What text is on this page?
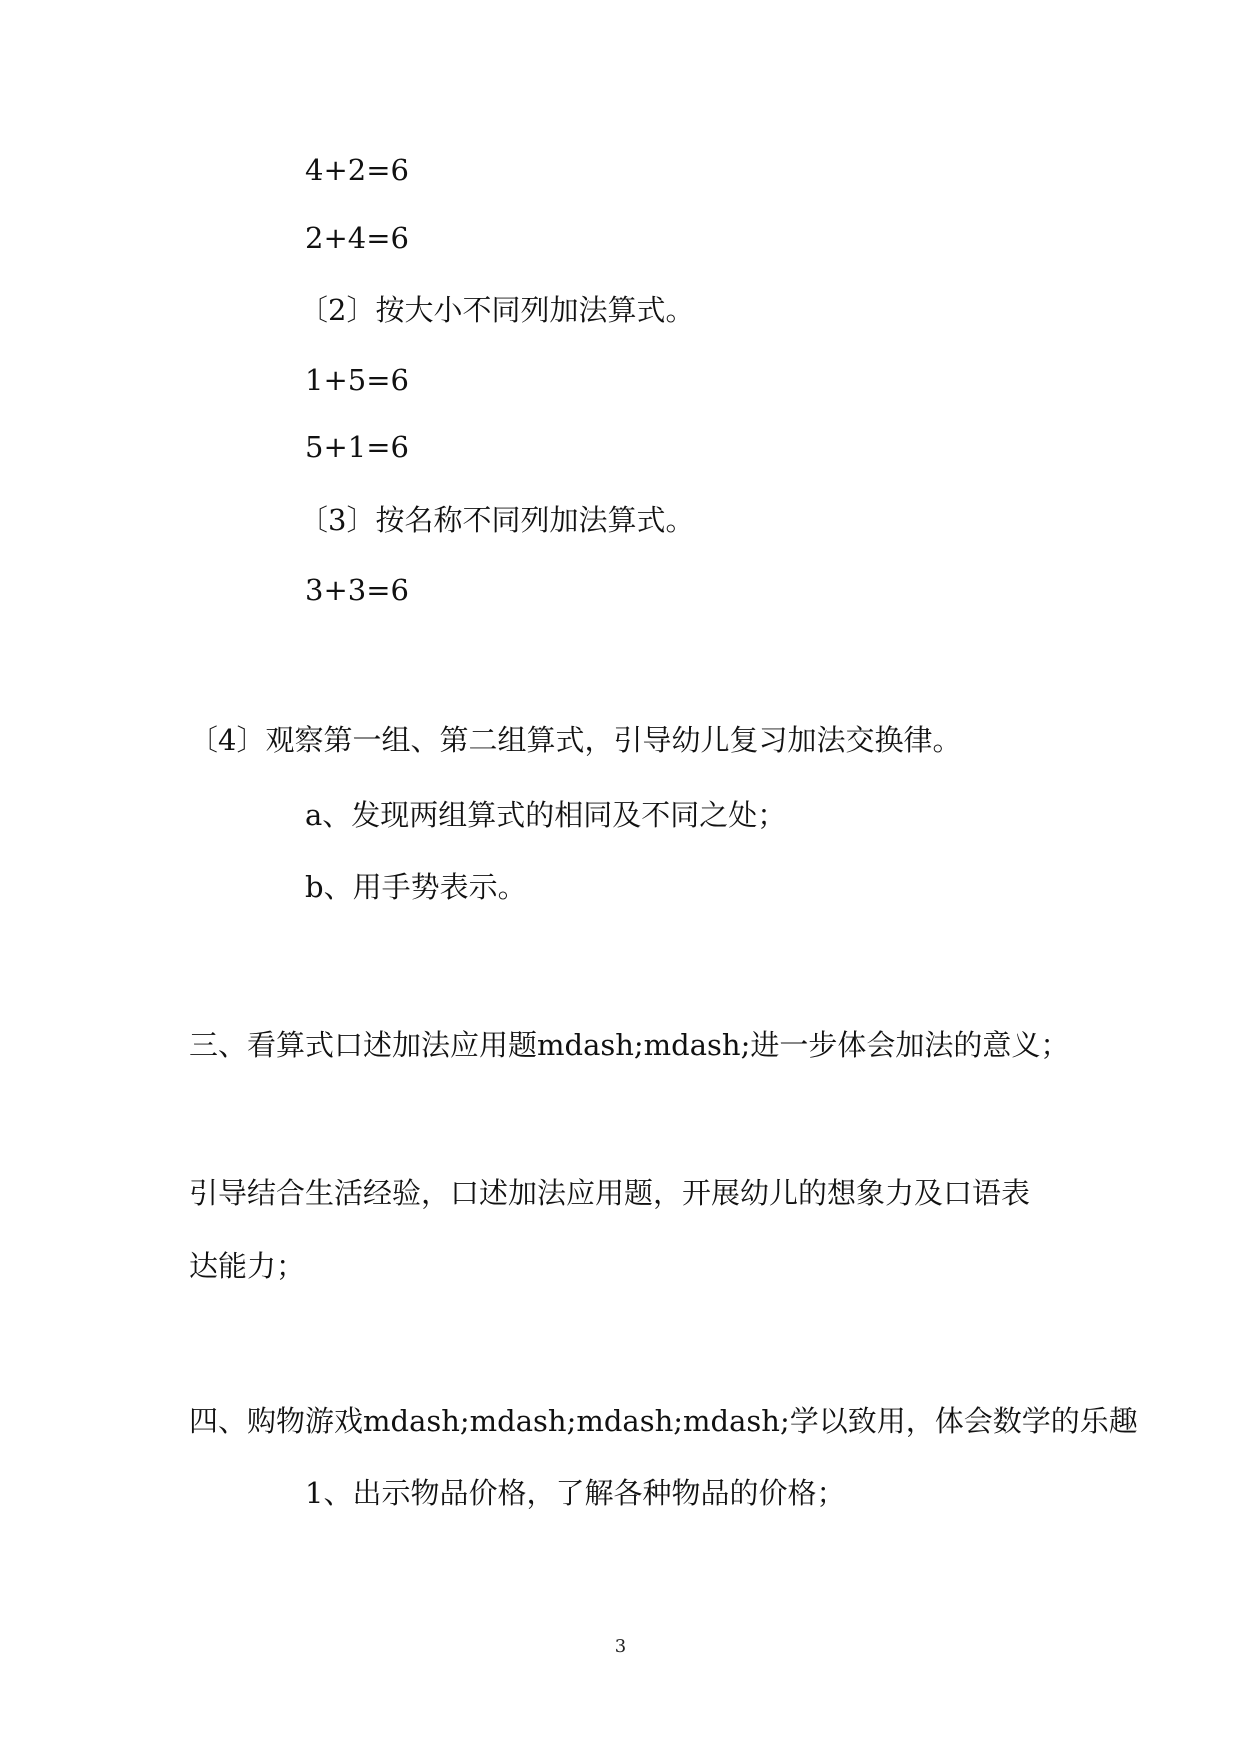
4+2=6
2+4=6
〔2〕按大小不同列加法算式。
1+5=6
5+1=6
〔3〕按名称不同列加法算式。
3+3=6
〔4〕观察第一组、第二组算式，引导幼儿复习加法交换律。
a、发现两组算式的相同及不同之处；
b、用手势表示。
三、看算式口述加法应用题mdash;mdash;进一步体会加法的意义；
引导结合生活经验，口述加法应用题，开展幼儿的想象力及口语表
达能力；
四、购物游戏mdash;mdash;mdash;mdash;学以致用，体会数学的乐趣
1、出示物品价格，了解各种物品的价格；
3
